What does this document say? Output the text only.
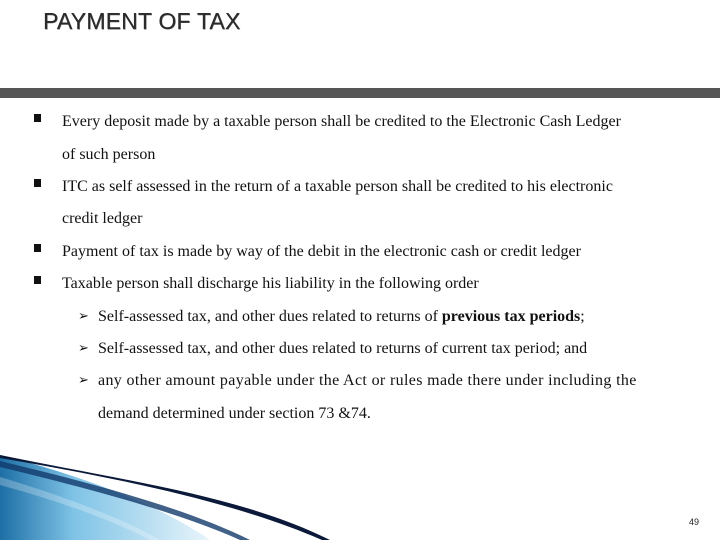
PAYMENT OF TAX
Every deposit made by a taxable person shall be credited to the Electronic Cash Ledger
of such person
ITC as self assessed in the return of a taxable person shall be credited to his electronic
credit ledger
Payment of tax is made by way of the debit in the electronic cash or credit ledger
Taxable person shall discharge his liability in the following order
➢ Self-assessed tax, and other dues related to returns of previous tax periods;
➢ Self-assessed tax, and other dues related to returns of current tax period; and
➢ any other amount payable under the Act or rules made there under including the
demand determined under section 73 &74.
49
